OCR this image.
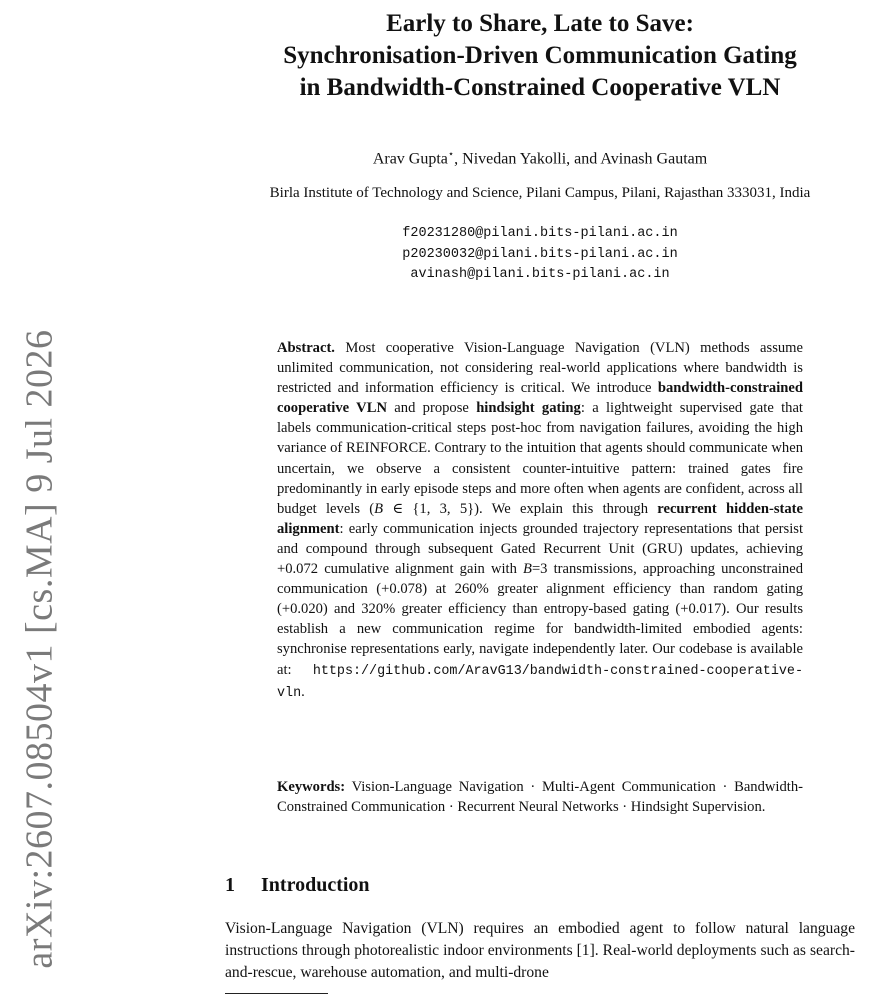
arXiv:2607.08504v1 [cs.MA] 9 Jul 2026
Early to Share, Late to Save:
Synchronisation-Driven Communication Gating
in Bandwidth-Constrained Cooperative VLN
Arav Gupta⋆, Nivedan Yakolli, and Avinash Gautam
Birla Institute of Technology and Science, Pilani Campus, Pilani, Rajasthan 333031, India
f20231280@pilani.bits-pilani.ac.in
p20230032@pilani.bits-pilani.ac.in
avinash@pilani.bits-pilani.ac.in
Abstract. Most cooperative Vision-Language Navigation (VLN) methods assume unlimited communication, not considering real-world applications where bandwidth is restricted and information efficiency is critical. We introduce bandwidth-constrained cooperative VLN and propose hindsight gating: a lightweight supervised gate that labels communication-critical steps post-hoc from navigation failures, avoiding the high variance of REINFORCE. Contrary to the intuition that agents should communicate when uncertain, we observe a consistent counter-intuitive pattern: trained gates fire predominantly in early episode steps and more often when agents are confident, across all budget levels (B ∈ {1, 3, 5}). We explain this through recurrent hidden-state alignment: early communication injects grounded trajectory representations that persist and compound through subsequent Gated Recurrent Unit (GRU) updates, achieving +0.072 cumulative alignment gain with B=3 transmissions, approaching unconstrained communication (+0.078) at 260% greater alignment efficiency than random gating (+0.020) and 320% greater efficiency than entropy-based gating (+0.017). Our results establish a new communication regime for bandwidth-limited embodied agents: synchronise representations early, navigate independently later. Our codebase is available at: https://github.com/AravG13/bandwidth-constrained-cooperative-vln.
Keywords: Vision-Language Navigation · Multi-Agent Communication · Bandwidth-Constrained Communication · Recurrent Neural Networks · Hindsight Supervision.
1 Introduction
Vision-Language Navigation (VLN) requires an embodied agent to follow natural language instructions through photorealistic indoor environments [1]. Real-world deployments such as search-and-rescue, warehouse automation, and multi-drone
